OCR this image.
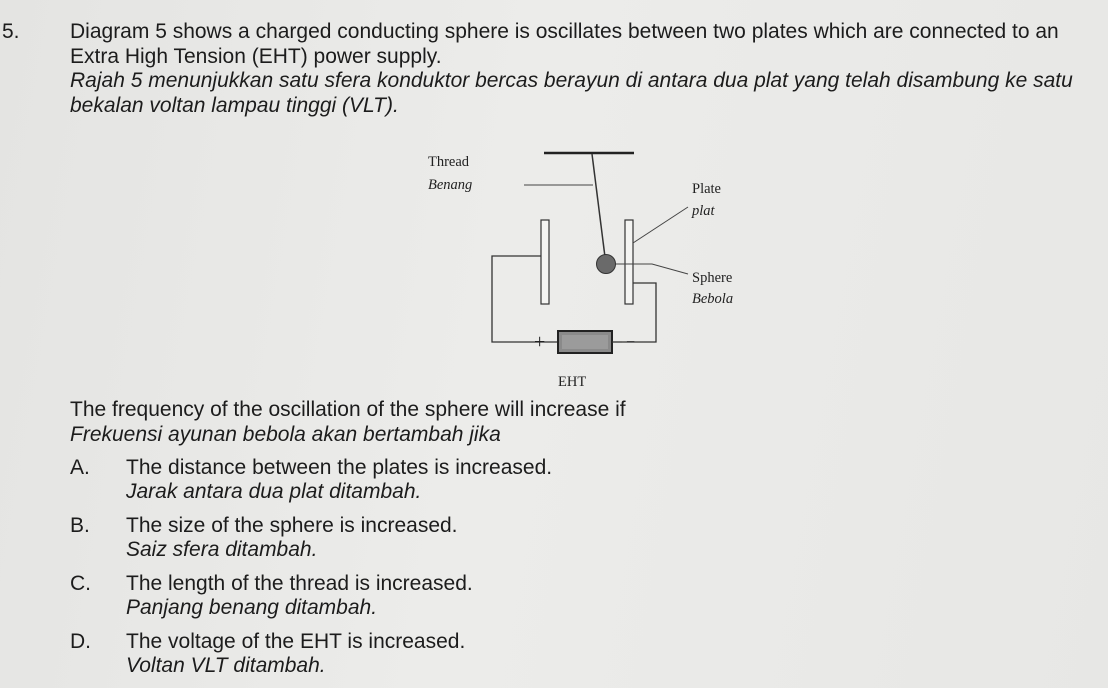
5. Diagram 5 shows a charged conducting sphere is oscillates between two plates which are connected to an Extra High Tension (EHT) power supply.
Rajah 5 menunjukkan satu sfera konduktor bercas berayun di antara dua plat yang telah disambung ke satu bekalan voltan lampau tinggi (VLT).
Thread
Benang	Plate
plat
Sphere
Bebola
+	−
EHT
The frequency of the oscillation of the sphere will increase if
Frekuensi ayunan bebola akan bertambah jika
A.	The distance between the plates is increased.
Jarak antara dua plat ditambah.
B.	The size of the sphere is increased.
Saiz sfera ditambah.
C.	The length of the thread is increased.
Panjang benang ditambah.
D.	The voltage of the EHT is increased.
Voltan VLT ditambah.
